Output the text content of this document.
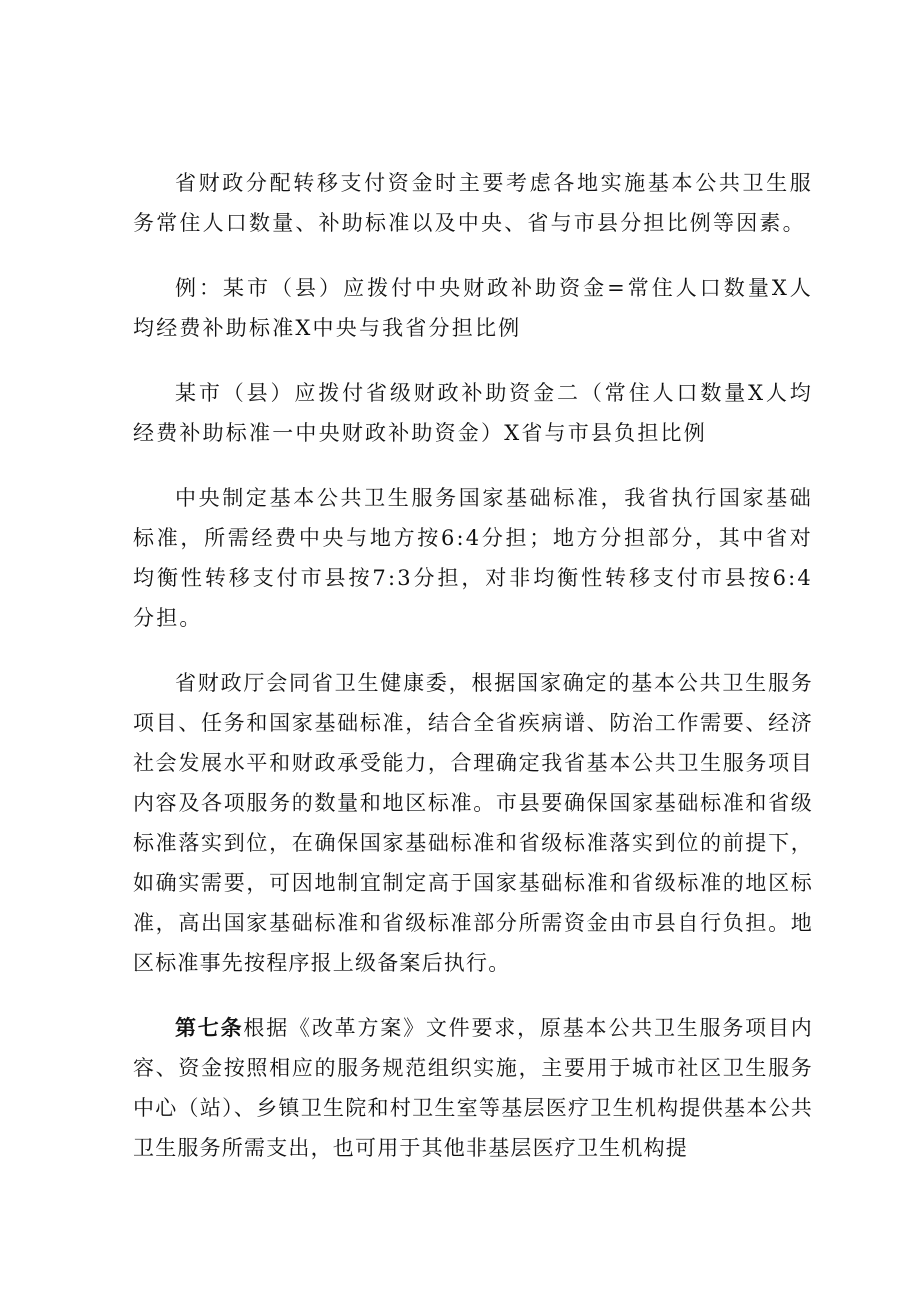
省财政分配转移支付资金时主要考虑各地实施基本公共卫生服务常住人口数量、补助标准以及中央、省与市县分担比例等因素。

例：某市（县）应拨付中央财政补助资金=常住人口数量X人均经费补助标准X中央与我省分担比例

某市（县）应拨付省级财政补助资金二（常住人口数量X人均经费补助标准一中央财政补助资金）X省与市县负担比例

中央制定基本公共卫生服务国家基础标准，我省执行国家基础标准，所需经费中央与地方按6:4分担；地方分担部分，其中省对均衡性转移支付市县按7:3分担，对非均衡性转移支付市县按6:4分担。

省财政厅会同省卫生健康委，根据国家确定的基本公共卫生服务项目、任务和国家基础标准，结合全省疾病谱、防治工作需要、经济社会发展水平和财政承受能力，合理确定我省基本公共卫生服务项目内容及各项服务的数量和地区标准。市县要确保国家基础标准和省级标准落实到位，在确保国家基础标准和省级标准落实到位的前提下，如确实需要，可因地制宜制定高于国家基础标准和省级标准的地区标准，高出国家基础标准和省级标准部分所需资金由市县自行负担。地区标准事先按程序报上级备案后执行。

第七条根据《改革方案》文件要求，原基本公共卫生服务项目内容、资金按照相应的服务规范组织实施，主要用于城市社区卫生服务中心（站）、乡镇卫生院和村卫生室等基层医疗卫生机构提供基本公共卫生服务所需支出，也可用于其他非基层医疗卫生机构提
